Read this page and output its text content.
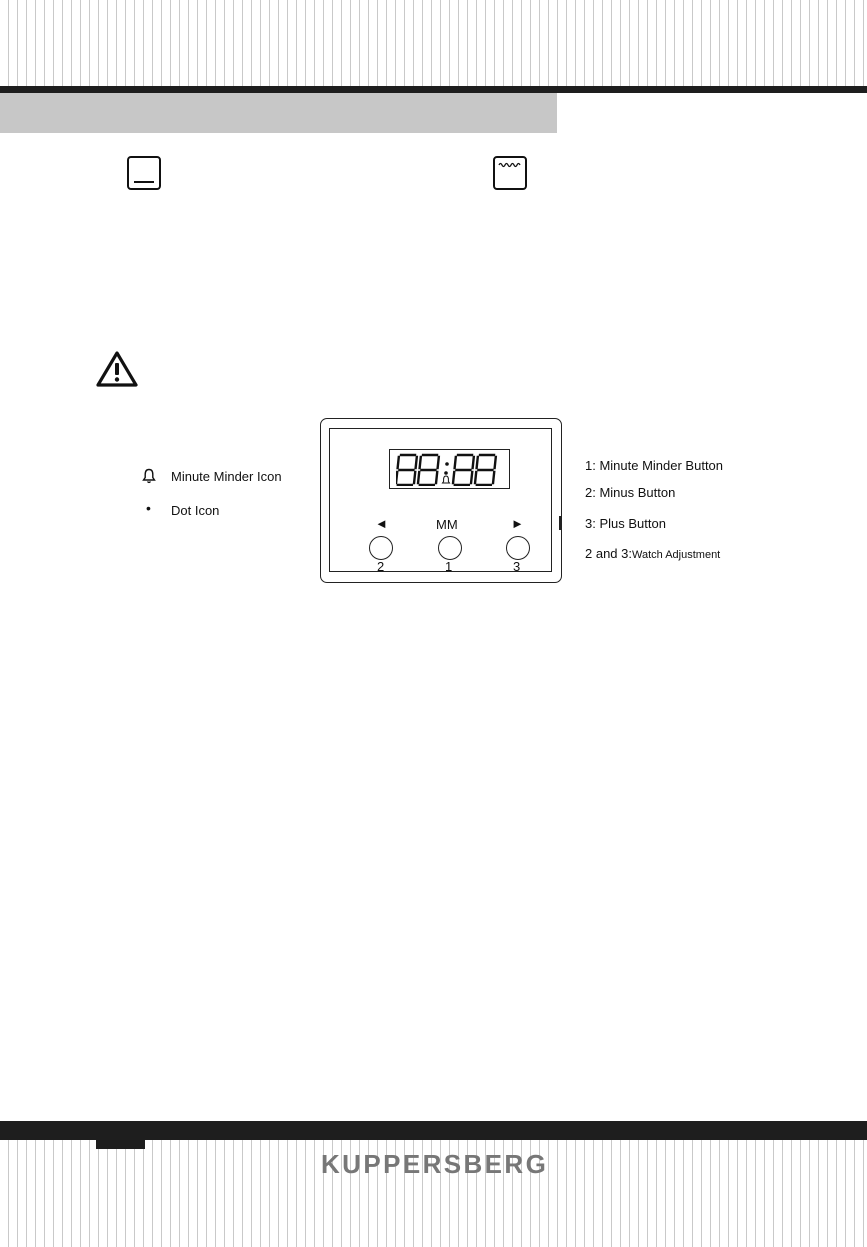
Minute Minder Icon
• Dot Icon
◄	MM	►
2	1	3
1: Minute Minder Button
2: Minus Button
3: Plus Button
2 and 3:Watch Adjustment
KUPPERSBERG
